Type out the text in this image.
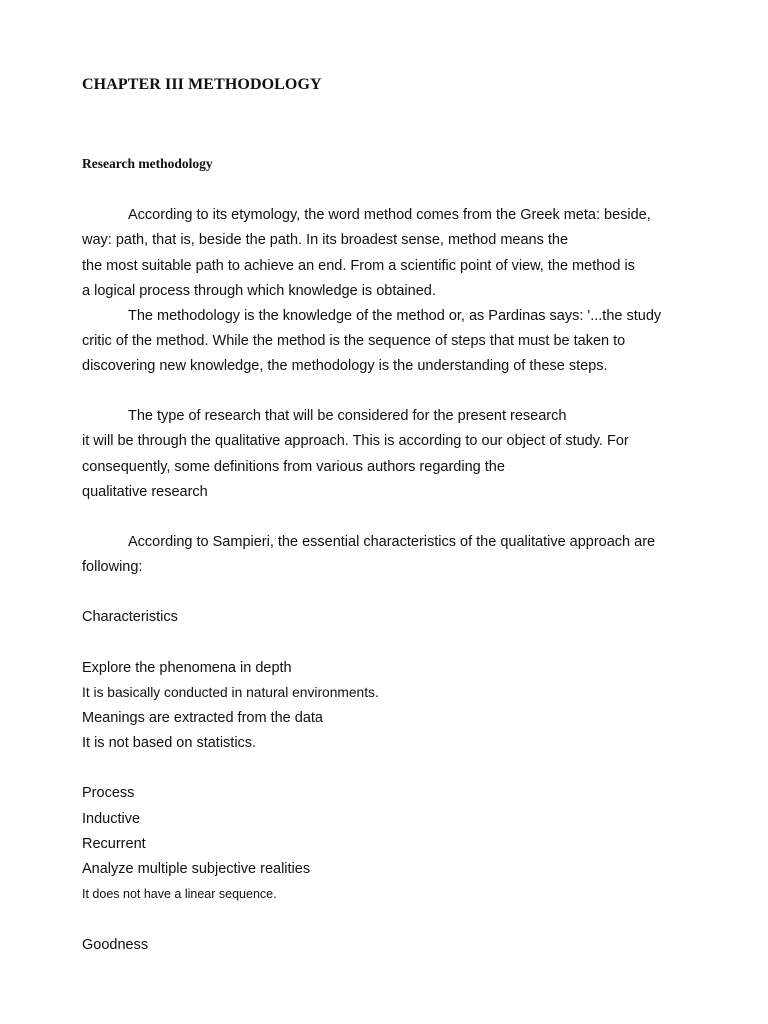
CHAPTER III METHODOLOGY
Research methodology
According to its etymology, the word method comes from the Greek meta: beside,
way: path, that is, beside the path. In its broadest sense, method means the
the most suitable path to achieve an end. From a scientific point of view, the method is
a logical process through which knowledge is obtained.
The methodology is the knowledge of the method or, as Pardinas says: '...the study
critic of the method. While the method is the sequence of steps that must be taken to
discovering new knowledge, the methodology is the understanding of these steps.
The type of research that will be considered for the present research
it will be through the qualitative approach. This is according to our object of study. For
consequently, some definitions from various authors regarding the
qualitative research
According to Sampieri, the essential characteristics of the qualitative approach are
following:
Characteristics
Explore the phenomena in depth
It is basically conducted in natural environments.
Meanings are extracted from the data
It is not based on statistics.
Process
Inductive
Recurrent
Analyze multiple subjective realities
It does not have a linear sequence.
Goodness
